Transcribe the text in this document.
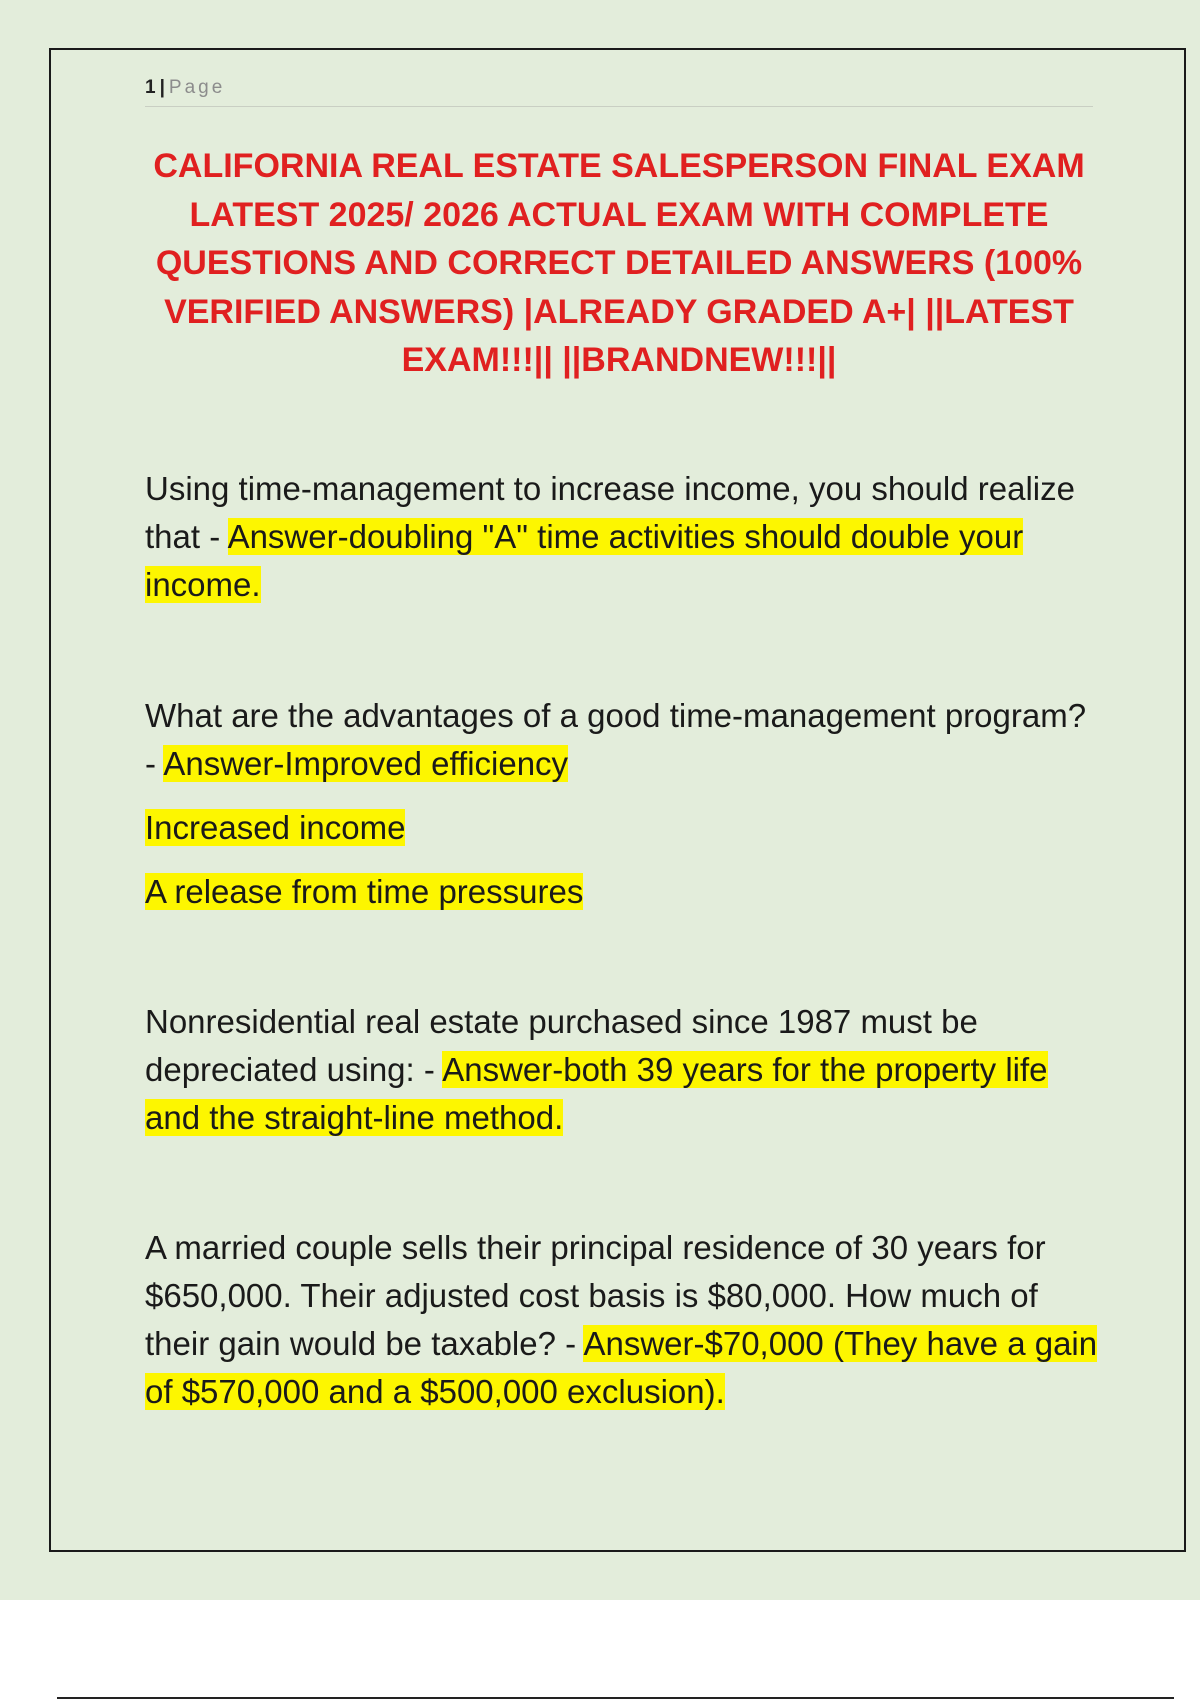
1 | Page
CALIFORNIA REAL ESTATE SALESPERSON FINAL EXAM LATEST 2025/ 2026 ACTUAL EXAM WITH COMPLETE QUESTIONS AND CORRECT DETAILED ANSWERS (100% VERIFIED ANSWERS) |ALREADY GRADED A+| ||LATEST EXAM!!!|| ||BRANDNEW!!!||

Using time-management to increase income, you should realize that - Answer-doubling "A" time activities should double your income.

What are the advantages of a good time-management program? - Answer-Improved efficiency

Increased income

A release from time pressures

Nonresidential real estate purchased since 1987 must be depreciated using: - Answer-both 39 years for the property life and the straight-line method.

A married couple sells their principal residence of 30 years for $650,000. Their adjusted cost basis is $80,000. How much of their gain would be taxable? - Answer-$70,000 (They have a gain of $570,000 and a $500,000 exclusion).
